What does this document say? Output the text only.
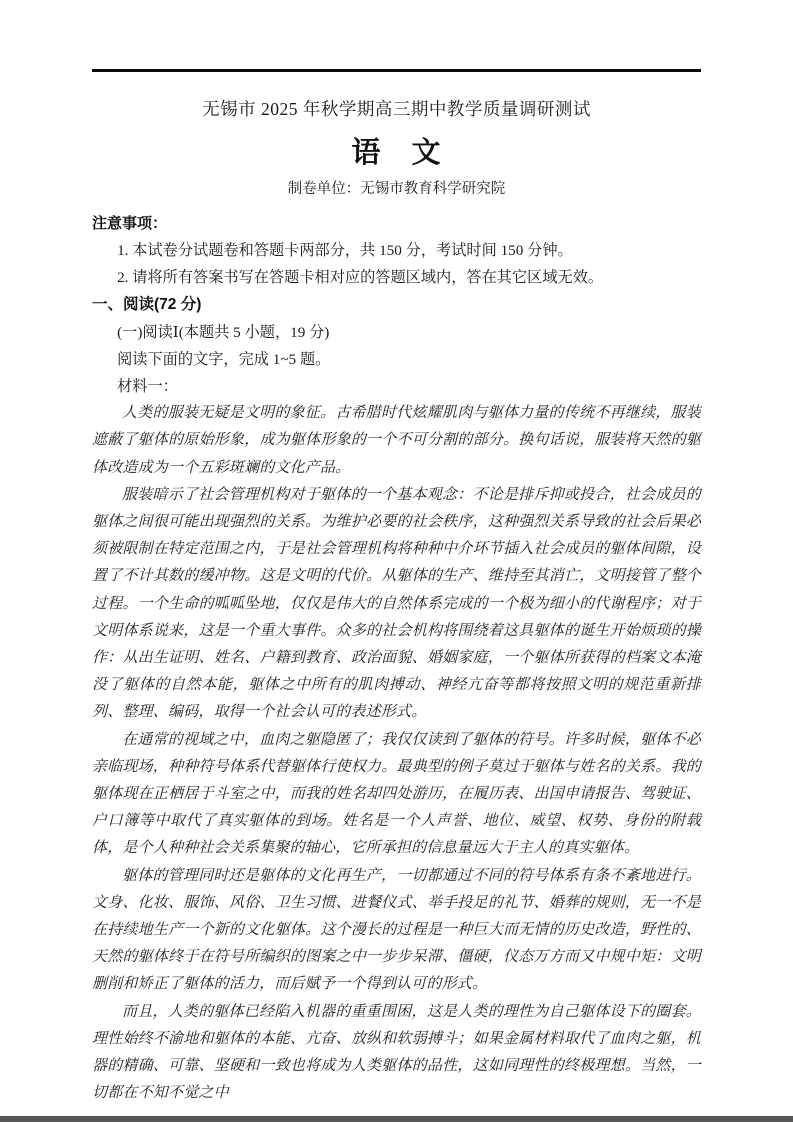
无锡市 2025 年秋学期高三期中教学质量调研测试
语　文
制卷单位：无锡市教育科学研究院
注意事项：

1. 本试卷分试题卷和答题卡两部分，共 150 分，考试时间 150 分钟。

2. 请将所有答案书写在答题卡相对应的答题区域内，答在其它区域无效。

一、阅读(72 分)

(一)阅读Ⅰ(本题共 5 小题，19 分)

阅读下面的文字，完成 1~5 题。

材料一：

人类的服装无疑是文明的象征。古希腊时代炫耀肌肉与躯体力量的传统不再继续，服装遮蔽了躯体的原始形象，成为躯体形象的一个不可分割的部分。换句话说，服装将天然的躯体改造成为一个五彩斑斓的文化产品。

服装暗示了社会管理机构对于躯体的一个基本观念：不论是排斥抑或投合，社会成员的躯体之间很可能出现强烈的关系。为维护必要的社会秩序，这种强烈关系导致的社会后果必须被限制在特定范围之内，于是社会管理机构将种种中介环节插入社会成员的躯体间隙，设置了不计其数的缓冲物。这是文明的代价。从躯体的生产、维持至其消亡，文明接管了整个过程。一个生命的呱呱坠地，仅仅是伟大的自然体系完成的一个极为细小的代谢程序；对于文明体系说来，这是一个重大事件。众多的社会机构将围绕着这具躯体的诞生开始烦琐的操作：从出生证明、姓名、户籍到教育、政治面貌、婚姻家庭，一个躯体所获得的档案文本淹没了躯体的自然本能，躯体之中所有的肌肉搏动、神经亢奋等都将按照文明的规范重新排列、整理、编码，取得一个社会认可的表述形式。

在通常的视域之中，血肉之躯隐匿了；我仅仅读到了躯体的符号。许多时候，躯体不必亲临现场，种种符号体系代替躯体行使权力。最典型的例子莫过于躯体与姓名的关系。我的躯体现在正栖居于斗室之中，而我的姓名却四处游历，在履历表、出国申请报告、驾驶证、户口簿等中取代了真实躯体的到场。姓名是一个人声誉、地位、威望、权势、身份的附载体，是个人种种社会关系集聚的轴心，它所承担的信息量远大于主人的真实躯体。

躯体的管理同时还是躯体的文化再生产，一切都通过不同的符号体系有条不紊地进行。文身、化妆、服饰、风俗、卫生习惯、进餐仪式、举手投足的礼节、婚葬的规则，无一不是在持续地生产一个新的文化躯体。这个漫长的过程是一种巨大而无情的历史改造，野性的、天然的躯体终于在符号所编织的图案之中一步步呆滞、僵硬，仪态万方而又中规中矩：文明删削和矫正了躯体的活力，而后赋予一个得到认可的形式。

而且，人类的躯体已经陷入机器的重重围困，这是人类的理性为自己躯体设下的圈套。理性始终不渝地和躯体的本能、亢奋、放纵和软弱搏斗；如果金属材料取代了血肉之躯，机器的精确、可靠、坚硬和一致也将成为人类躯体的品性，这如同理性的终极理想。当然，一切都在不知不觉之中
